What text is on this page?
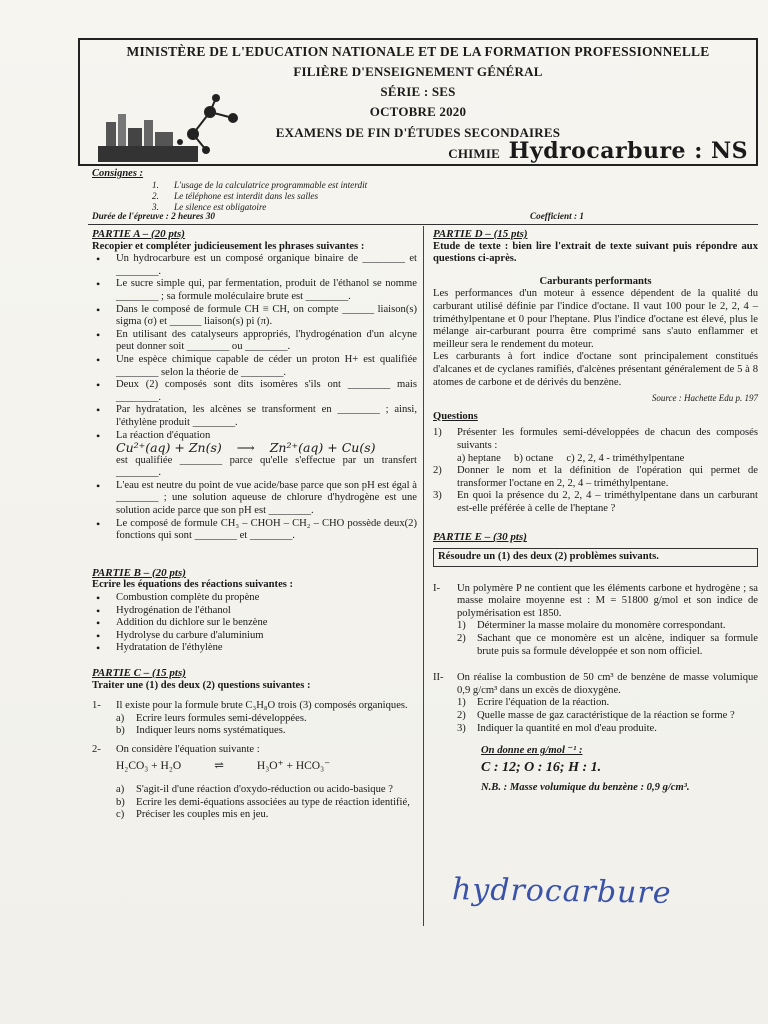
MINISTÈRE DE L'EDUCATION NATIONALE ET DE LA FORMATION PROFESSIONNELLE
FILIÈRE D'ENSEIGNEMENT GÉNÉRAL
SÉRIE : SES
OCTOBRE 2020
EXAMENS DE FIN D'ÉTUDES SECONDAIRES
CHIMIE Hydrocarbure : NS
Consignes :
1. L'usage de la calculatrice programmable est interdit
2. Le téléphone est interdit dans les salles
3. Le silence est obligatoire
Durée de l'épreuve : 2 heures 30	Coefficient : 1
PARTIE A – (20 pts)
Recopier et compléter judicieusement les phrases suivantes :
• Un hydrocarbure est un composé organique binaire de ________ et ________.
• Le sucre simple qui, par fermentation, produit de l'éthanol se nomme ________ ; sa formule moléculaire brute est ________.
• Dans le composé de formule CH ≡ CH, on compte ______ liaison(s) sigma (σ) et ______ liaison(s) pi (π).
• En utilisant des catalyseurs appropriés, l'hydrogénation d'un alcyne peut donner soit ________ ou ________.
• Une espèce chimique capable de céder un proton H+ est qualifiée ________ selon la théorie de ________.
• Deux (2) composés sont dits isomères s'ils ont ________ mais ________.
• Par hydratation, les alcènes se transforment en ________ ; ainsi, l'éthylène produit ________.
• La réaction d'équation
Cu²⁺(aq) + Zn(s) ⟶ Zn²⁺(aq) + Cu(s)
est qualifiée ________ parce qu'elle s'effectue par un transfert ________.
• L'eau est neutre du point de vue acide/base parce que son pH est égal à ________ ; une solution aqueuse de chlorure d'hydrogène est une solution acide parce que son pH est ________.
• Le composé de formule CH₃ – CHOH – CH₂ – CHO possède deux(2) fonctions qui sont ________ et ________.
PARTIE B – (20 pts)
Ecrire les équations des réactions suivantes :
• Combustion complète du propène
• Hydrogénation de l'éthanol
• Addition du dichlore sur le benzène
• Hydrolyse du carbure d'aluminium
• Hydratation de l'éthylène
PARTIE C – (15 pts)
Traiter une (1) des deux (2) questions suivantes :
1-	Il existe pour la formule brute C₃H₈O trois (3) composés organiques.
a)	Ecrire leurs formules semi-développées.
b)	Indiquer leurs noms systématiques.
2-	On considère l'équation suivante :
H₂CO₃ + H₂O	⇌	H₃O⁺ + HCO₃⁻
a)	S'agit-il d'une réaction d'oxydo-réduction ou acido-basique ?
b)	Ecrire les demi-équations associées au type de réaction identifié,
c)	Préciser les couples mis en jeu.
PARTIE D – (15 pts)
Etude de texte : bien lire l'extrait de texte suivant puis répondre aux questions ci-après.
Carburants performants
Les performances d'un moteur à essence dépendent de la qualité du carburant utilisé définie par l'indice d'octane. Il vaut 100 pour le 2, 2, 4 – triméthylpentane et 0 pour l'heptane. Plus l'indice d'octane est élevé, plus le mélange air-carburant pourra être comprimé sans s'auto enflammer et meilleur sera le rendement du moteur.
Les carburants à fort indice d'octane sont principalement constitués d'alcanes et de cyclanes ramifiés, d'alcènes présentant généralement de 5 à 8 atomes de carbone et de dérivés du benzène.
Source : Hachette Edu p. 197
Questions
1)	Présenter les formules semi-développées de chacun des composés suivants :
a) heptane     b) octane     c) 2, 2, 4 - triméthylpentane
2)	Donner le nom et la définition de l'opération qui permet de transformer l'octane en 2, 2, 4 – triméthylpentane.
3)	En quoi la présence du 2, 2, 4 – triméthylpentane dans un carburant est-elle préférée à celle de l'heptane ?
PARTIE E – (30 pts)
Résoudre un (1) des deux (2) problèmes suivants.
I-	Un polymère P ne contient que les éléments carbone et hydrogène ; sa masse molaire moyenne est : M = 51800 g/mol et son indice de polymérisation est 1850.
1)	Déterminer la masse molaire du monomère correspondant.
2)	Sachant que ce monomère est un alcène, indiquer sa formule brute puis sa formule développée et son nom officiel.
II-	On réalise la combustion de 50 cm³ de benzène de masse volumique 0,9 g/cm³ dans un excès de dioxygène.
1)	Ecrire l'équation de la réaction.
2)	Quelle masse de gaz caractéristique de la réaction se forme ?
3)	Indiquer la quantité en mol d'eau produite.
On donne en g/mol ⁻¹ :
C : 12; O : 16; H : 1.
N.B. : Masse volumique du benzène : 0,9 g/cm³.
hydrocarbure
